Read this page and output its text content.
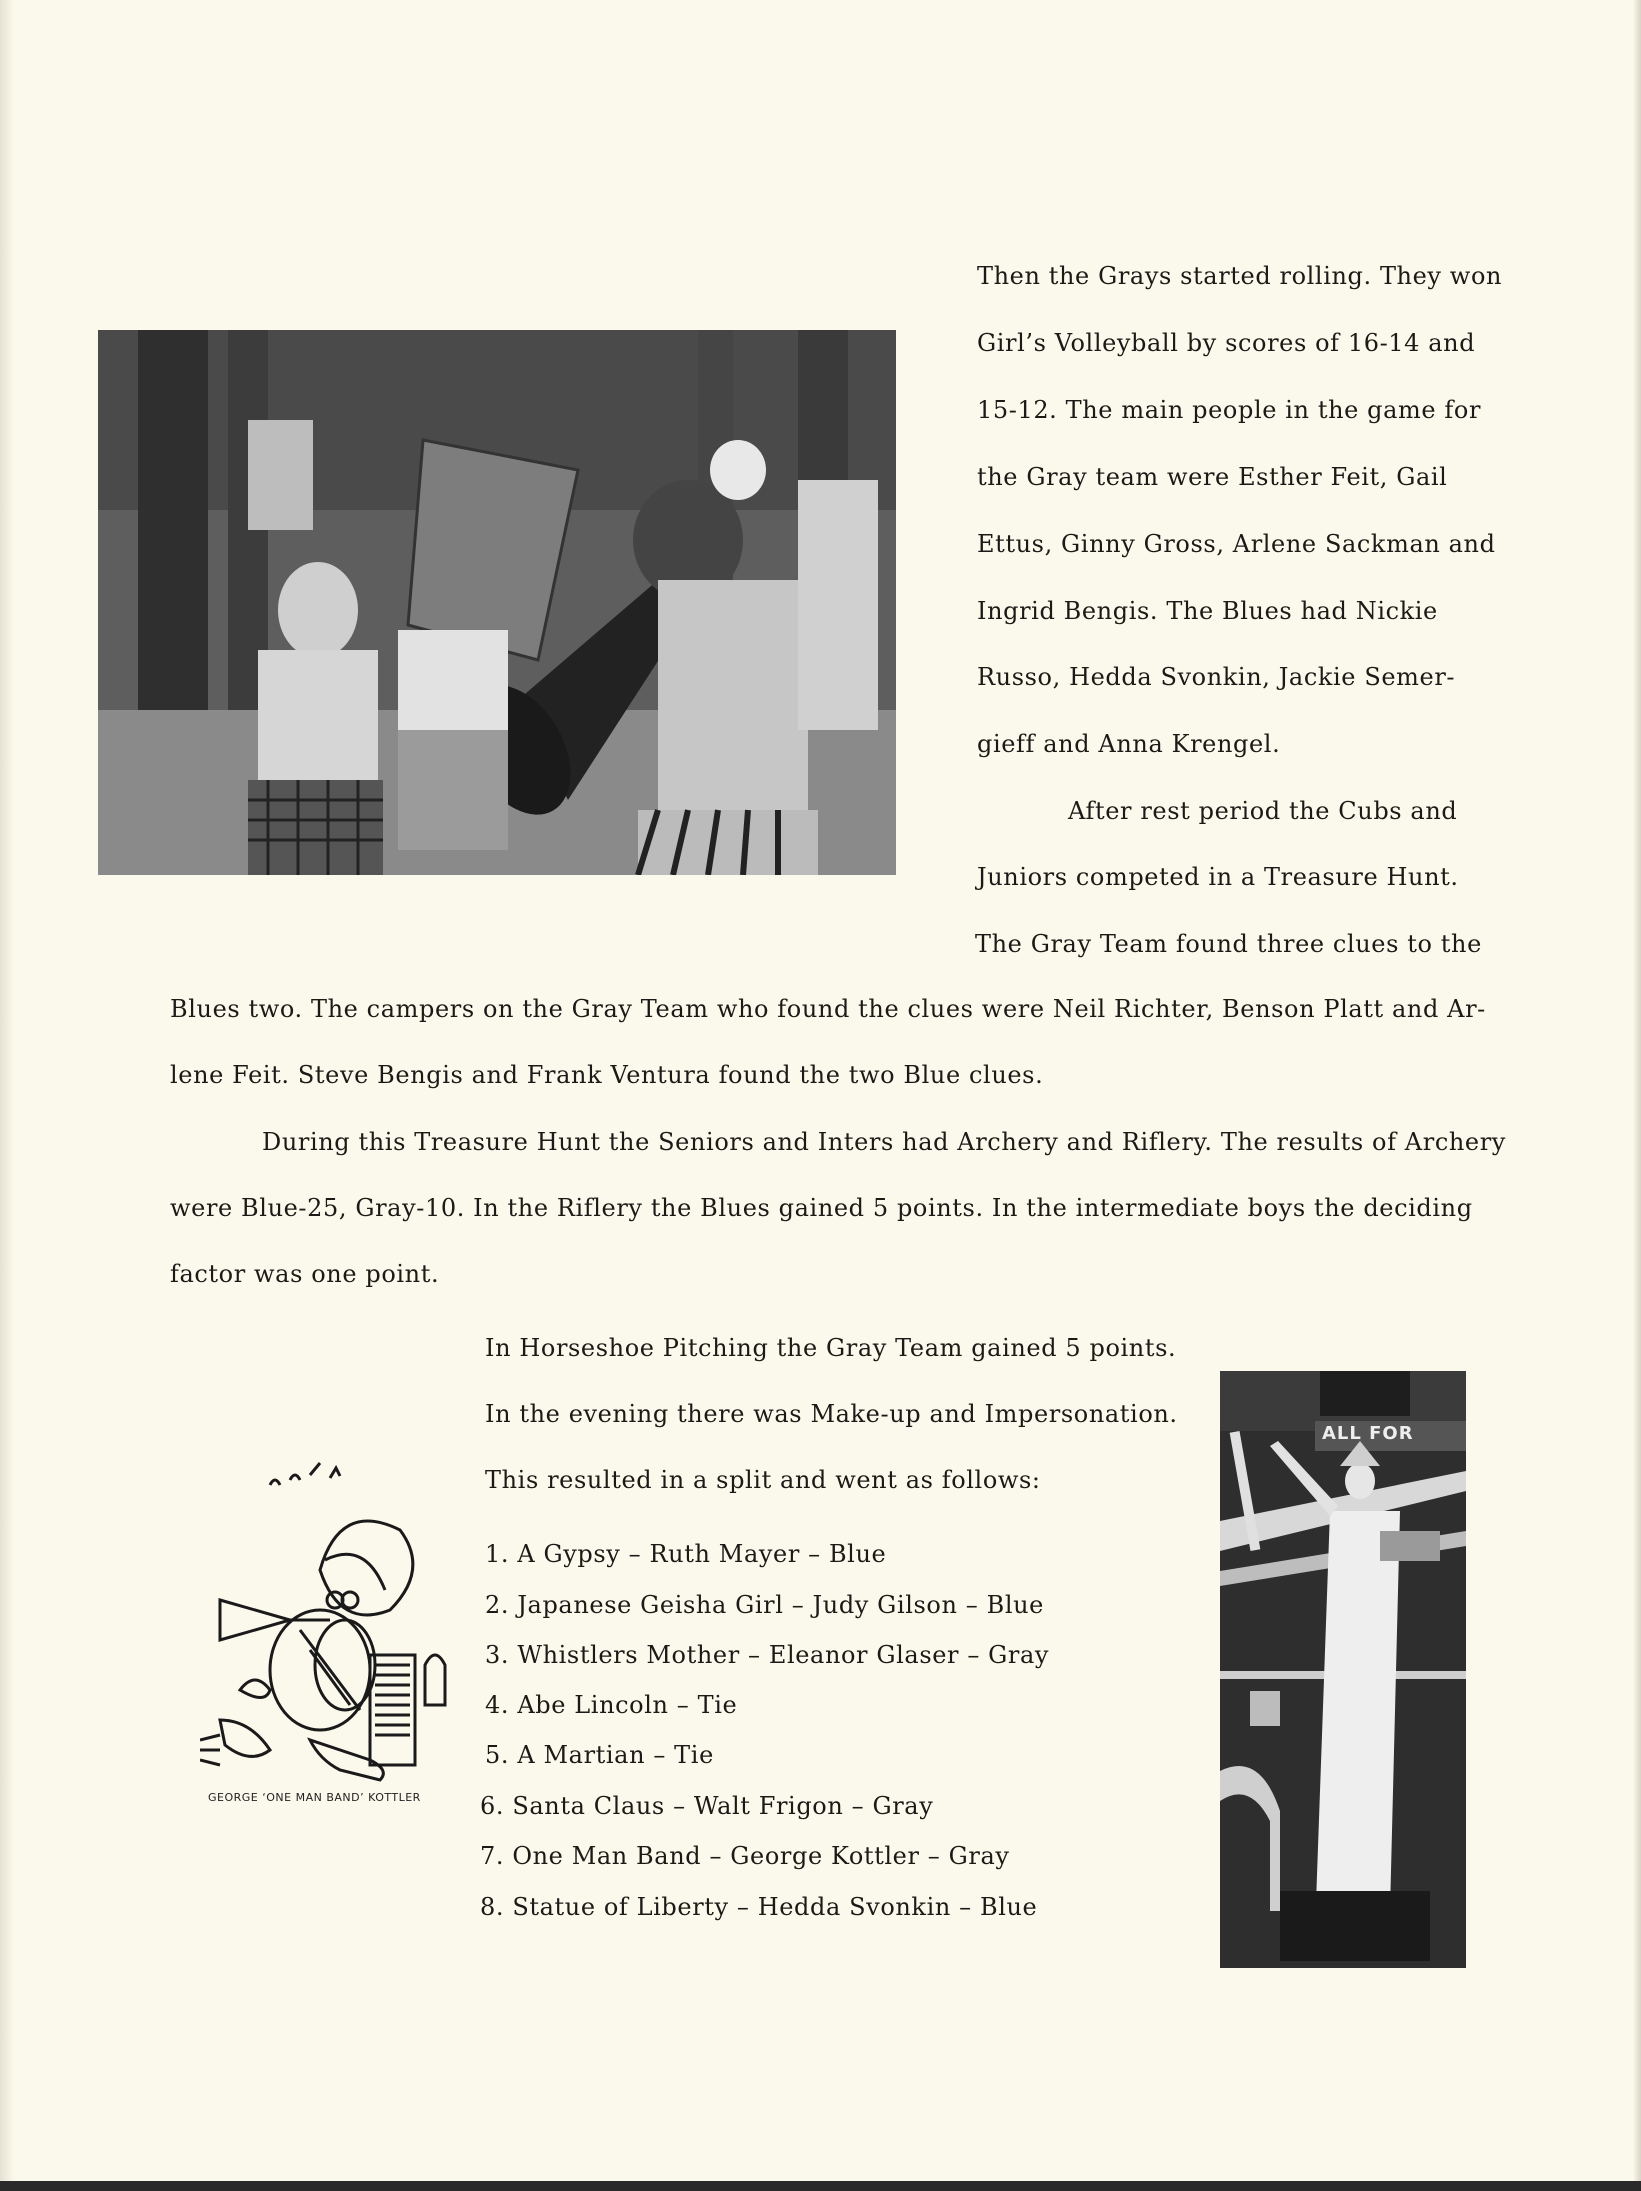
Then the Grays started rolling. They won
Girl’s Volleyball by scores of 16-14 and
15-12. The main people in the game for
the Gray team were Esther Feit, Gail
Ettus, Ginny Gross, Arlene Sackman and
Ingrid Bengis. The Blues had Nickie
Russo, Hedda Svonkin, Jackie Semer-
gieff and Anna Krengel.
After rest period the Cubs and
Juniors competed in a Treasure Hunt.
The Gray Team found three clues to the
Blues two. The campers on the Gray Team who found the clues were Neil Richter, Benson Platt and Ar-
lene Feit. Steve Bengis and Frank Ventura found the two Blue clues.
During this Treasure Hunt the Seniors and Inters had Archery and Riflery. The results of Archery
were Blue-25, Gray-10. In the Riflery the Blues gained 5 points. In the intermediate boys the deciding
factor was one point.
In Horseshoe Pitching the Gray Team gained 5 points.
In the evening there was Make-up and Impersonation.
This resulted in a split and went as follows:
1. A Gypsy – Ruth Mayer – Blue
2. Japanese Geisha Girl – Judy Gilson – Blue
3. Whistlers Mother – Eleanor Glaser – Gray
4. Abe Lincoln – Tie
5. A Martian – Tie
6. Santa Claus – Walt Frigon – Gray
7. One Man Band – George Kottler – Gray
8. Statue of Liberty – Hedda Svonkin – Blue
GEORGE ‘ONE MAN BAND’ KOTTLER
ALL FOR
